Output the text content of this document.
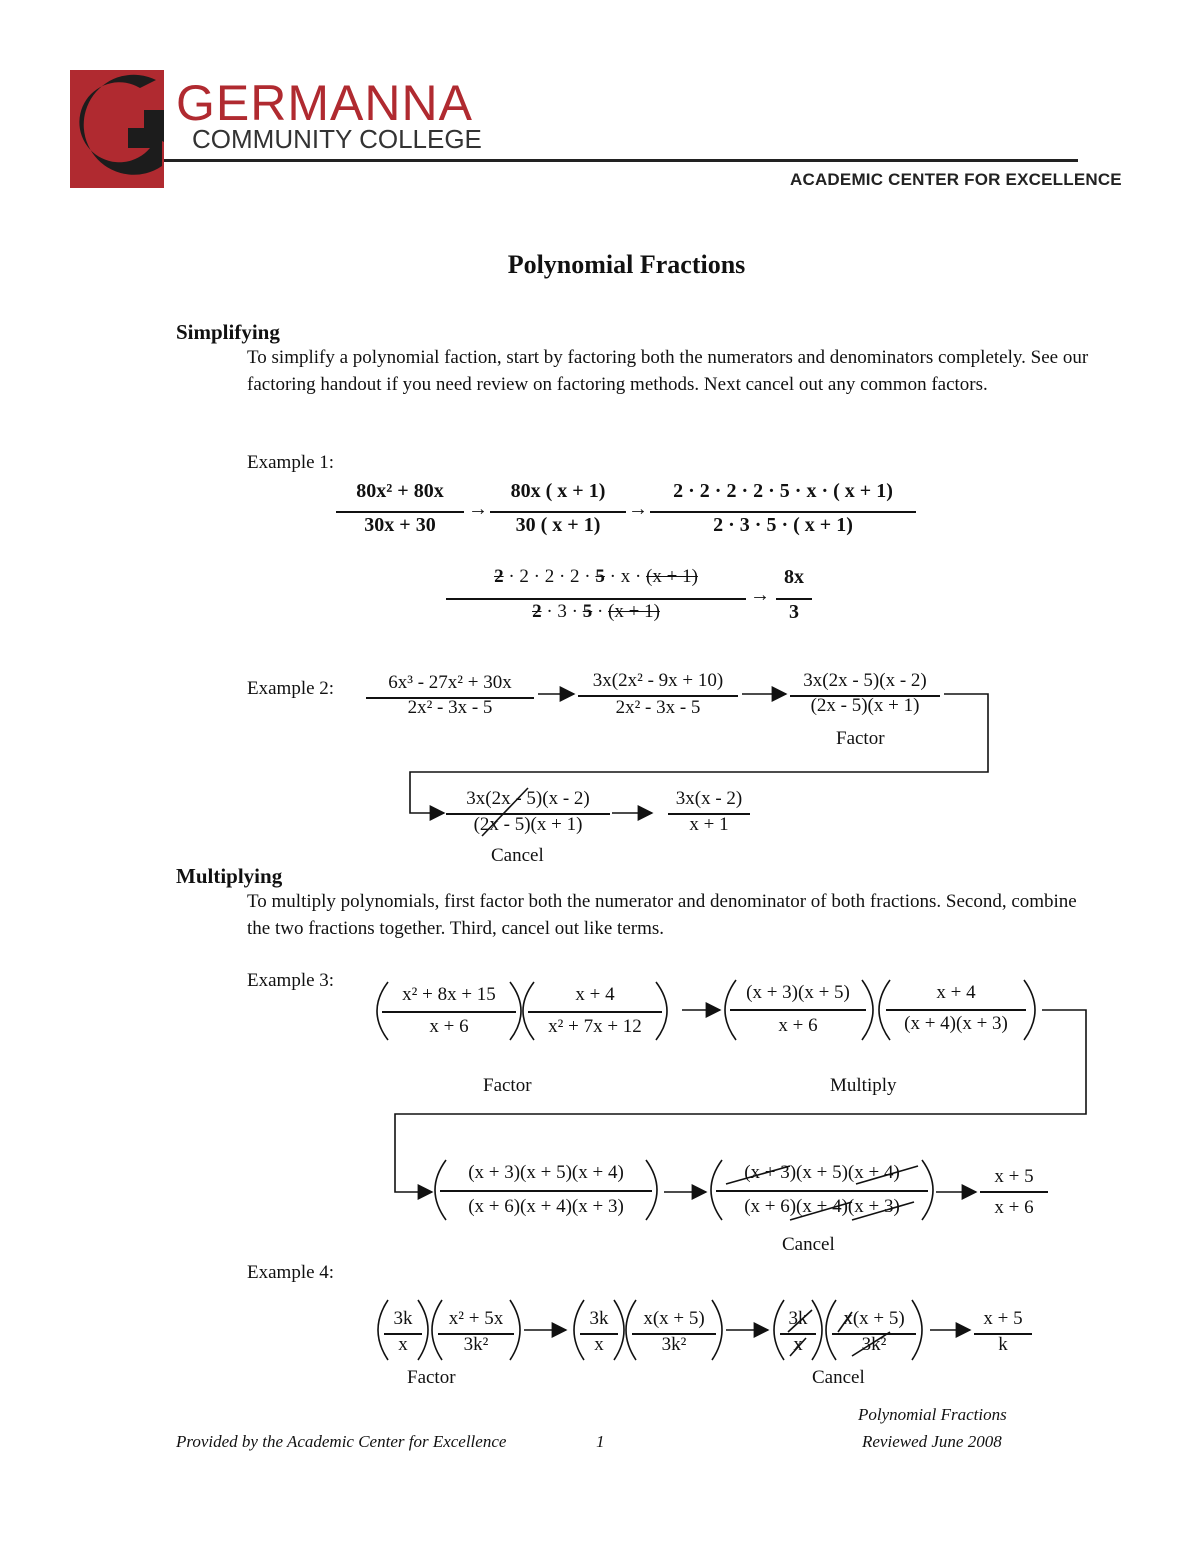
GERMANNA
COMMUNITY COLLEGE
ACADEMIC CENTER FOR EXCELLENCE
Polynomial Fractions
Simplifying
To simplify a polynomial faction, start by factoring both the numerators and denominators completely. See our factoring handout if you need review on factoring methods. Next cancel out any common factors.
Example 1:
80x² + 80x
30x + 30
→
80x ( x + 1)
30 ( x + 1)
→
2 · 2 · 2 · 2 · 5 · x · ( x + 1)
2 · 3 · 5 · ( x + 1)
2 · 2 · 2 · 2 · 5 · x · (x + 1)
2 · 3 · 5 · (x + 1)
→
8x
3
Example 2:	6x³ - 27x² + 30x
2x² - 3x - 5
3x(2x² - 9x + 10)
2x² - 3x - 5
3x(2x - 5)(x - 2)
(2x - 5)(x + 1)
Factor
3x(2x - 5)(x - 2)
(2x - 5)(x + 1)
Cancel
3x(x - 2)
x + 1
Multiplying
To multiply polynomials, first factor both the numerator and denominator of both fractions. Second, combine the two fractions together. Third, cancel out like terms.
Example 3:
x² + 8x + 15
x + 6
x + 4
x² + 7x + 12
(x + 3)(x + 5)
x + 6
x + 4
(x + 4)(x + 3)
Factor	Multiply
(x + 3)(x + 5)(x + 4)
(x + 6)(x + 4)(x + 3)
(x + 3)(x + 5)(x + 4)
(x + 6)(x + 4)(x + 3)
Cancel
x + 5
x + 6
Example 4:
3k
x
x² + 5x
3k²
3k
x
x(x + 5)
3k²
3k
x
x(x + 5)
3k²
x + 5
k
Factor	Cancel
Polynomial Fractions
Provided by the Academic Center for Excellence	1	Reviewed June 2008
